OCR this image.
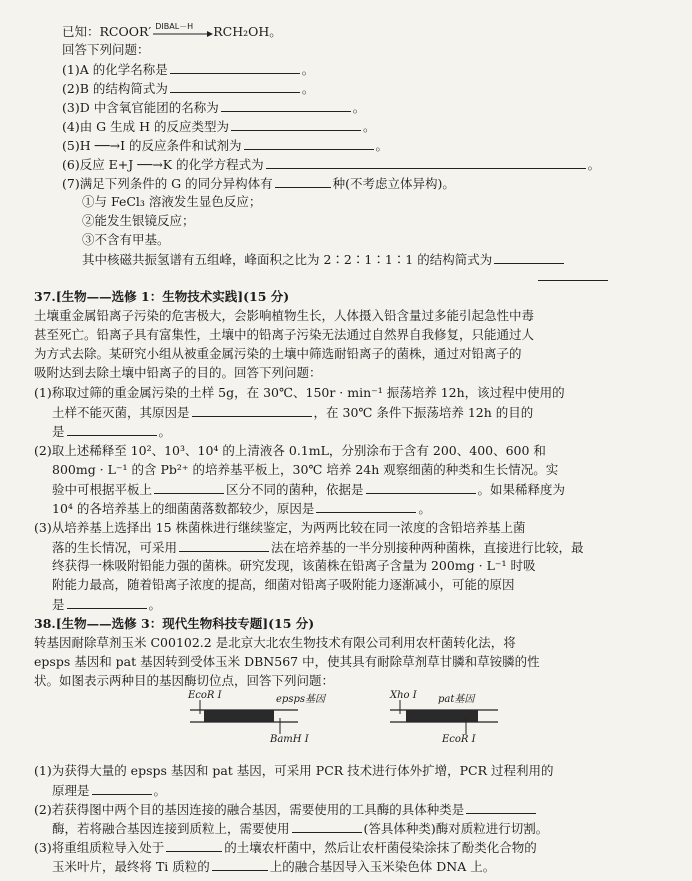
已知：RCOOR′ DIBAL－H RCH₂OH。
回答下列问题：
(1)A 的化学名称是	。
(2)B 的结构简式为	。
(3)D 中含氧官能团的名称为	。
(4)由 G 生成 H 的反应类型为	。
(5)H ──→I 的反应条件和试剂为	。
(6)反应 E+J ──→K 的化学方程式为	。
(7)满足下列条件的 G 的同分异构体有	种(不考虑立体异构)。
①与 FeCl₃ 溶液发生显色反应；
②能发生银镜反应；
③不含有甲基。
其中核磁共振氢谱有五组峰，峰面积之比为 2∶2∶1∶1∶1 的结构简式为
37.[生物——选修 1：生物技术实践](15 分)
土壤重金属铅离子污染的危害极大，会影响植物生长，人体摄入铅含量过多能引起急性中毒
甚至死亡。铅离子具有富集性，土壤中的铅离子污染无法通过自然界自我修复，只能通过人
为方式去除。某研究小组从被重金属污染的土壤中筛选耐铅离子的菌株，通过对铅离子的
吸附达到去除土壤中铅离子的目的。回答下列问题：
(1)称取过筛的重金属污染的土样 5g，在 30℃、150r · min⁻¹ 振荡培养 12h，该过程中使用的
土样不能灭菌，其原因是	，在 30℃ 条件下振荡培养 12h 的目的
是	。
(2)取上述稀释至 10²、10³、10⁴ 的上清液各 0.1mL，分别涂布于含有 200、400、600 和
800mg · L⁻¹ 的含 Pb²⁺ 的培养基平板上，30℃ 培养 24h 观察细菌的种类和生长情况。实
验中可根据平板上	区分不同的菌种，依据是	。如果稀释度为
10⁴ 的各培养基上的细菌菌落数都较少，原因是	。
(3)从培养基上选择出 15 株菌株进行继续鉴定，为两两比较在同一浓度的含铅培养基上菌
落的生长情况，可采用	法在培养基的一半分别接种两种菌株，直接进行比较，最
终获得一株吸附铅能力强的菌株。研究发现，该菌株在铅离子含量为 200mg · L⁻¹ 时吸
附能力最高，随着铅离子浓度的提高，细菌对铅离子吸附能力逐渐减小，可能的原因
是	。
38.[生物——选修 3：现代生物科技专题](15 分)
转基因耐除草剂玉米 C00102.2 是北京大北农生物技术有限公司利用农杆菌转化法，将
epsps 基因和 pat 基因转到受体玉米 DBN567 中，使其具有耐除草剂草甘膦和草铵膦的性
状。如图表示两种目的基因酶切位点，回答下列问题：
EcoR Ⅰ	epsps基因
BamH Ⅰ
Xho Ⅰ pat基因
EcoR Ⅰ
(1)为获得大量的 epsps 基因和 pat 基因，可采用 PCR 技术进行体外扩增，PCR 过程利用的
原理是	。
(2)若获得图中两个目的基因连接的融合基因，需要使用的工具酶的具体种类是
酶，若将融合基因连接到质粒上，需要使用	(答具体种类)酶对质粒进行切割。
(3)将重组质粒导入处于	的土壤农杆菌中，然后让农杆菌侵染涂抹了酚类化合物的
玉米叶片，最终将 Ti 质粒的	上的融合基因导入玉米染色体 DNA 上。
